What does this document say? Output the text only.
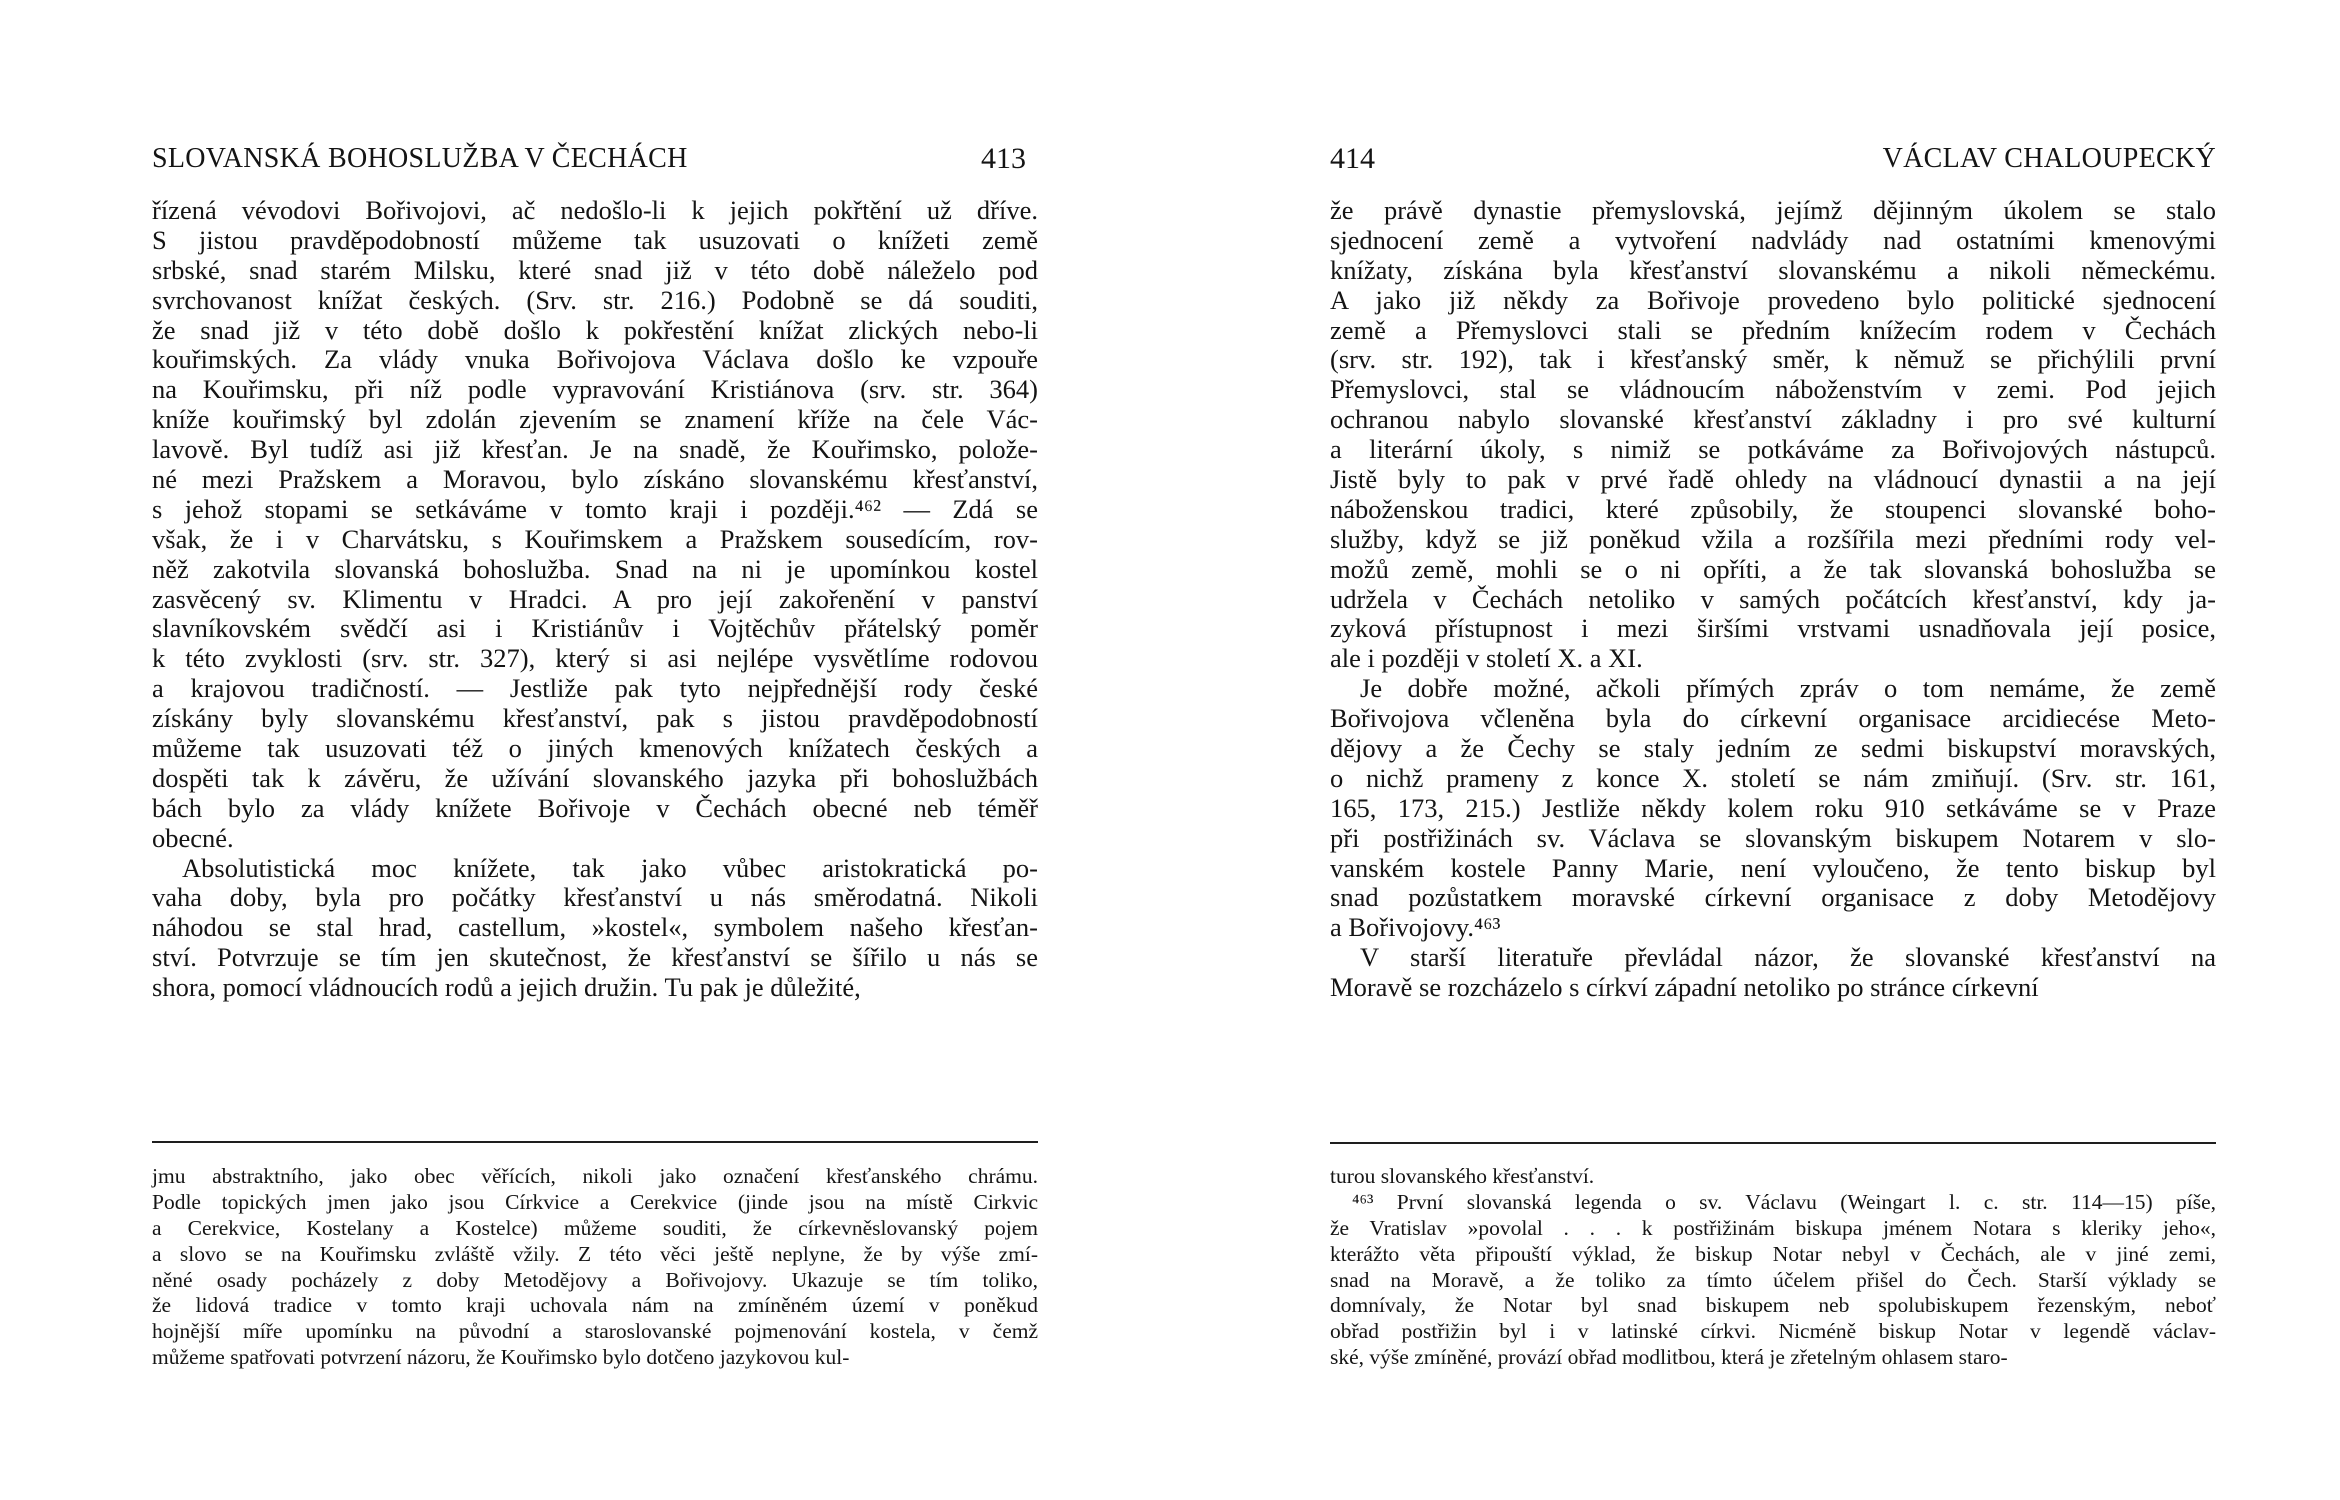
SLOVANSKÁ BOHOSLUŽBA V ČECHÁCH	413
řízená vévodovi Bořivojovi, ač nedošlo-li k jejich pokřtění už dříve.
S jistou pravděpodobností můžeme tak usuzovati o knížeti země
srbské, snad starém Milsku, které snad již v této době náleželo pod
svrchovanost knížat českých. (Srv. str. 216.) Podobně se dá souditi,
že snad již v této době došlo k pokřestění knížat zlických nebo-li
kouřimských. Za vlády vnuka Bořivojova Václava došlo ke vzpouře
na Kouřimsku, při níž podle vypravování Kristiánova (srv. str. 364)
kníže kouřimský byl zdolán zjevením se znamení kříže na čele Vác-
lavově. Byl tudíž asi již křesťan. Je na snadě, že Kouřimsko, polože-
né mezi Pražskem a Moravou, bylo získáno slovanskému křesťanství,
s jehož stopami se setkáváme v tomto kraji i později.⁴⁶² — Zdá se
však, že i v Charvátsku, s Kouřimskem a Pražskem sousedícím, rov-
něž zakotvila slovanská bohoslužba. Snad na ni je upomínkou kostel
zasvěcený sv. Klimentu v Hradci. A pro její zakořenění v panství
slavníkovském svědčí asi i Kristiánův i Vojtěchův přátelský poměr
k této zvyklosti (srv. str. 327), který si asi nejlépe vysvětlíme rodovou
a krajovou tradičností. — Jestliže pak tyto nejpřednější rody české
získány byly slovanskému křesťanství, pak s jistou pravděpodobností
můžeme tak usuzovati též o jiných kmenových knížatech českých a
dospěti tak k závěru, že užívání slovanského jazyka při bohoslužbách
bách bylo za vlády knížete Bořivoje v Čechách obecné neb téměř
obecné.
Absolutistická moc knížete, tak jako vůbec aristokratická po-
vaha doby, byla pro počátky křesťanství u nás směrodatná. Nikoli
náhodou se stal hrad, castellum, »kostel«, symbolem našeho křesťan-
ství. Potvrzuje se tím jen skutečnost, že křesťanství se šířilo u nás se
shora, pomocí vládnoucích rodů a jejich družin. Tu pak je důležité,
jmu abstraktního, jako obec věřících, nikoli jako označení křesťanského chrámu.
Podle topických jmen jako jsou Církvice a Cerekvice (jinde jsou na místě Cirkvic
a Cerekvice, Kostelany a Kostelce) můžeme souditi, že církevněslovanský pojem
a slovo se na Kouřimsku zvláště vžily. Z této věci ještě neplyne, že by výše zmí-
něné osady pocházely z doby Metodějovy a Bořivojovy. Ukazuje se tím toliko,
že lidová tradice v tomto kraji uchovala nám na zmíněném území v poněkud
hojnější míře upomínku na původní a staroslovanské pojmenování kostela, v čemž
můžeme spatřovati potvrzení názoru, že Kouřimsko bylo dotčeno jazykovou kul-
414	VÁCLAV CHALOUPECKÝ
že právě dynastie přemyslovská, jejímž dějinným úkolem se stalo
sjednocení země a vytvoření nadvlády nad ostatními kmenovými
knížaty, získána byla křesťanství slovanskému a nikoli německému.
A jako již někdy za Bořivoje provedeno bylo politické sjednocení
země a Přemyslovci stali se předním knížecím rodem v Čechách
(srv. str. 192), tak i křesťanský směr, k němuž se přichýlili první
Přemyslovci, stal se vládnoucím náboženstvím v zemi. Pod jejich
ochranou nabylo slovanské křesťanství základny i pro své kulturní
a literární úkoly, s nimiž se potkáváme za Bořivojových nástupců.
Jistě byly to pak v prvé řadě ohledy na vládnoucí dynastii a na její
náboženskou tradici, které způsobily, že stoupenci slovanské boho-
služby, když se již poněkud vžila a rozšířila mezi předními rody vel-
možů země, mohli se o ni opříti, a že tak slovanská bohoslužba se
udržela v Čechách netoliko v samých počátcích křesťanství, kdy ja-
zyková přístupnost i mezi širšími vrstvami usnadňovala její posice,
ale i později v století X. a XI.
Je dobře možné, ačkoli přímých zpráv o tom nemáme, že země
Bořivojova včleněna byla do církevní organisace arcidiecése Meto-
dějovy a že Čechy se staly jedním ze sedmi biskupství moravských,
o nichž prameny z konce X. století se nám zmiňují. (Srv. str. 161,
165, 173, 215.) Jestliže někdy kolem roku 910 setkáváme se v Praze
při postřižinách sv. Václava se slovanským biskupem Notarem v slo-
vanském kostele Panny Marie, není vyloučeno, že tento biskup byl
snad pozůstatkem moravské církevní organisace z doby Metodějovy
a Bořivojovy.⁴⁶³
V starší literatuře převládal názor, že slovanské křesťanství na
Moravě se rozcházelo s církví západní netoliko po stránce církevní
turou slovanského křesťanství.
⁴⁶³ První slovanská legenda o sv. Václavu (Weingart l. c. str. 114—15) píše,
že Vratislav »povolal . . . k postřižinám biskupa jménem Notara s kleriky jeho«,
kterážto věta připouští výklad, že biskup Notar nebyl v Čechách, ale v jiné zemi,
snad na Moravě, a že toliko za tímto účelem přišel do Čech. Starší výklady se
domnívaly, že Notar byl snad biskupem neb spolubiskupem řezenským, neboť
obřad postřižin byl i v latinské církvi. Nicméně biskup Notar v legendě václav-
ské, výše zmíněné, provází obřad modlitbou, která je zřetelným ohlasem staro-
